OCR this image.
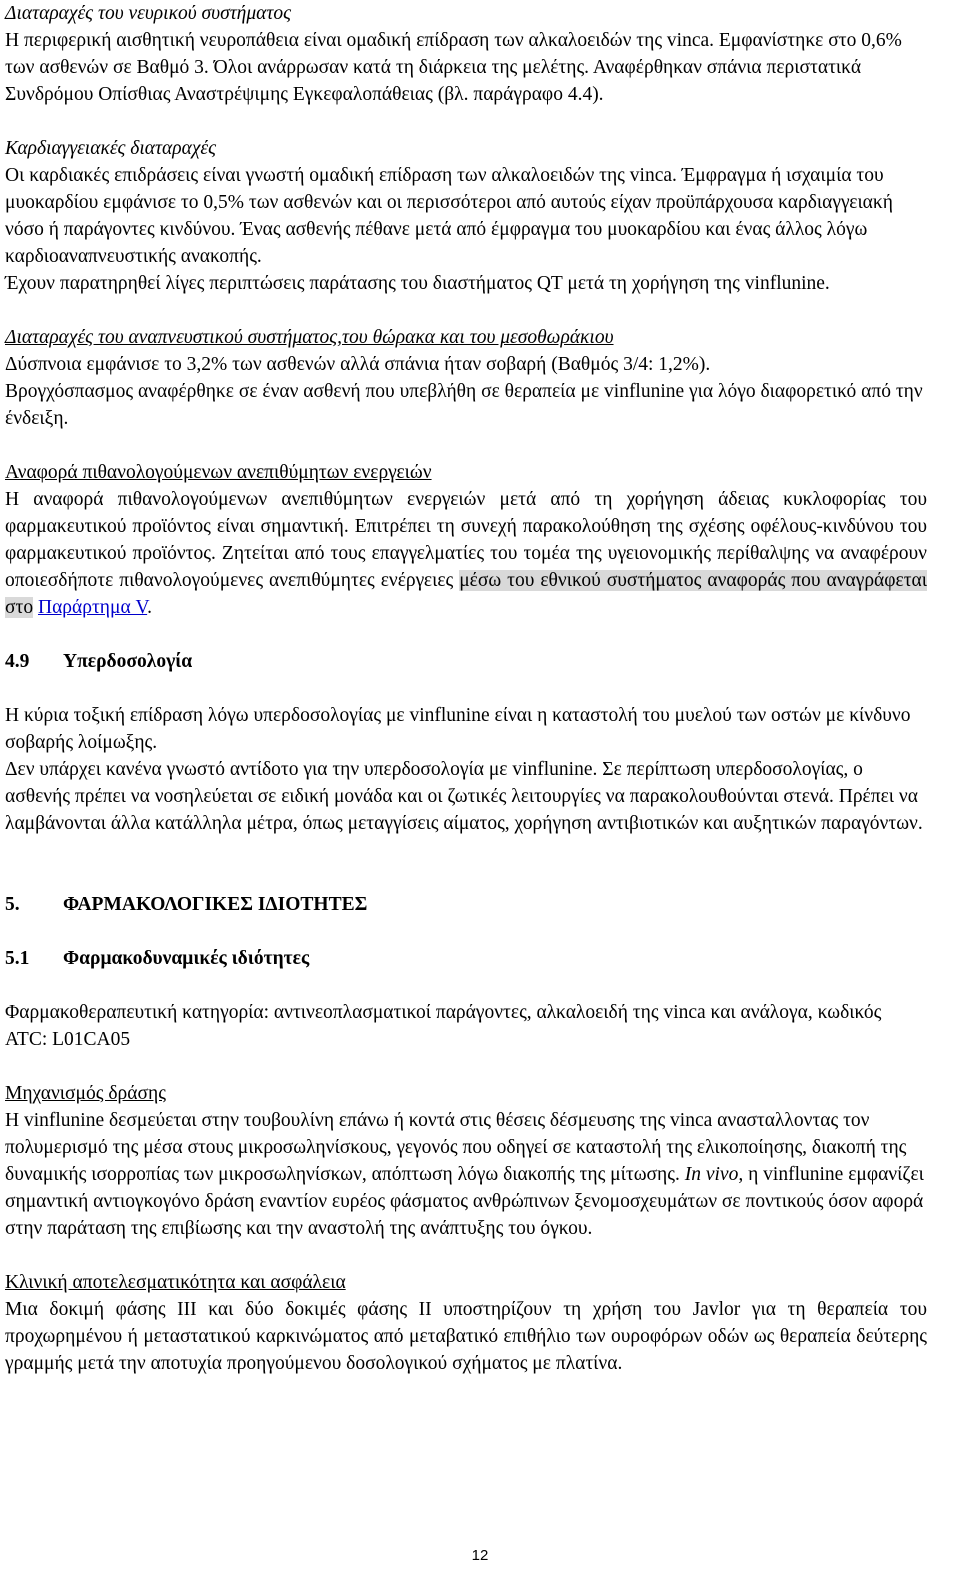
Διαταραχές του νευρικού συστήματος

Η περιφερική αισθητική νευροπάθεια είναι ομαδική επίδραση των αλκαλοειδών της vinca. Εμφανίστηκε στο 0,6% των ασθενών σε Βαθμό 3. Όλοι ανάρρωσαν κατά τη διάρκεια της μελέτης. Αναφέρθηκαν σπάνια περιστατικά Συνδρόμου Οπίσθιας Αναστρέψιμης Εγκεφαλοπάθειας (βλ. παράγραφο 4.4).

Καρδιαγγειακές διαταραχές

Οι καρδιακές επιδράσεις είναι γνωστή ομαδική επίδραση των αλκαλοειδών της vinca. Έμφραγμα ή ισχαιμία του μυοκαρδίου εμφάνισε το 0,5% των ασθενών και οι περισσότεροι από αυτούς είχαν προϋπάρχουσα καρδιαγγειακή νόσο ή παράγοντες κινδύνου. Ένας ασθενής πέθανε μετά από έμφραγμα του μυοκαρδίου και ένας άλλος λόγω καρδιοαναπνευστικής ανακοπής.

Έχουν παρατηρηθεί λίγες περιπτώσεις παράτασης του διαστήματος QT μετά τη χορήγηση της vinflunine.

Διαταραχές του αναπνευστικού συστήματος,του θώρακα και του μεσοθωράκιου

Δύσπνοια εμφάνισε το 3,2% των ασθενών αλλά σπάνια ήταν σοβαρή (Βαθμός 3/4: 1,2%).

Βρογχόσπασμος αναφέρθηκε σε έναν ασθενή που υπεβλήθη σε θεραπεία με vinflunine για λόγο διαφορετικό από την ένδειξη.

Αναφορά πιθανολογούμενων ανεπιθύμητων ενεργειών

Η αναφορά πιθανολογούμενων ανεπιθύμητων ενεργειών μετά από τη χορήγηση άδειας κυκλοφορίας του φαρμακευτικού προϊόντος είναι σημαντική. Επιτρέπει τη συνεχή παρακολούθηση της σχέσης οφέλους-κινδύνου του φαρμακευτικού προϊόντος. Ζητείται από τους επαγγελματίες του τομέα της υγειονομικής περίθαλψης να αναφέρουν οποιεσδήποτε πιθανολογούμενες ανεπιθύμητες ενέργειες μέσω του εθνικού συστήματος αναφοράς που αναγράφεται στο Παράρτημα V.

4.9	Υπερδοσολογία

Η κύρια τοξική επίδραση λόγω υπερδοσολογίας με vinflunine είναι η καταστολή του μυελού των οστών με κίνδυνο σοβαρής λοίμωξης.

Δεν υπάρχει κανένα γνωστό αντίδοτο για την υπερδοσολογία με vinflunine. Σε περίπτωση υπερδοσολογίας, ο ασθενής πρέπει να νοσηλεύεται σε ειδική μονάδα και οι ζωτικές λειτουργίες να παρακολουθούνται στενά. Πρέπει να λαμβάνονται άλλα κατάλληλα μέτρα, όπως μεταγγίσεις αίματος, χορήγηση αντιβιοτικών και αυξητικών παραγόντων.

5.	ΦΑΡΜΑΚΟΛΟΓΙΚΕΣ ΙΔΙΟΤΗΤΕΣ

5.1	Φαρμακοδυναμικές ιδιότητες

Φαρμακοθεραπευτική κατηγορία: αντινεοπλασματικοί παράγοντες, αλκαλοειδή της vinca και ανάλογα, κωδικός ATC: L01CA05

Μηχανισμός δράσης

Η vinflunine δεσμεύεται στην τουβουλίνη επάνω ή κοντά στις θέσεις δέσμευσης της vinca ανασταλλοντας τον πολυμερισμό της μέσα στους μικροσωληνίσκους, γεγονός που οδηγεί σε καταστολή της ελικοποίησης, διακοπή της δυναμικής ισορροπίας των μικροσωληνίσκων, απόπτωση λόγω διακοπής της μίτωσης. In vivo, η vinflunine εμφανίζει σημαντική αντιογκογόνο δράση εναντίον ευρέος φάσματος ανθρώπινων ξενομοσχευμάτων σε ποντικούς όσον αφορά στην παράταση της επιβίωσης και την αναστολή της ανάπτυξης του όγκου.

Κλινική αποτελεσματικότητα και ασφάλεια

Μια δοκιμή φάσης ΙΙΙ και δύο δοκιμές φάσης ΙΙ υποστηρίζουν τη χρήση του Javlor για τη θεραπεία του προχωρημένου ή μεταστατικού καρκινώματος από μεταβατικό επιθήλιο των ουροφόρων οδών ως θεραπεία δεύτερης γραμμής μετά την αποτυχία προηγούμενου δοσολογικού σχήματος με πλατίνα.

12
